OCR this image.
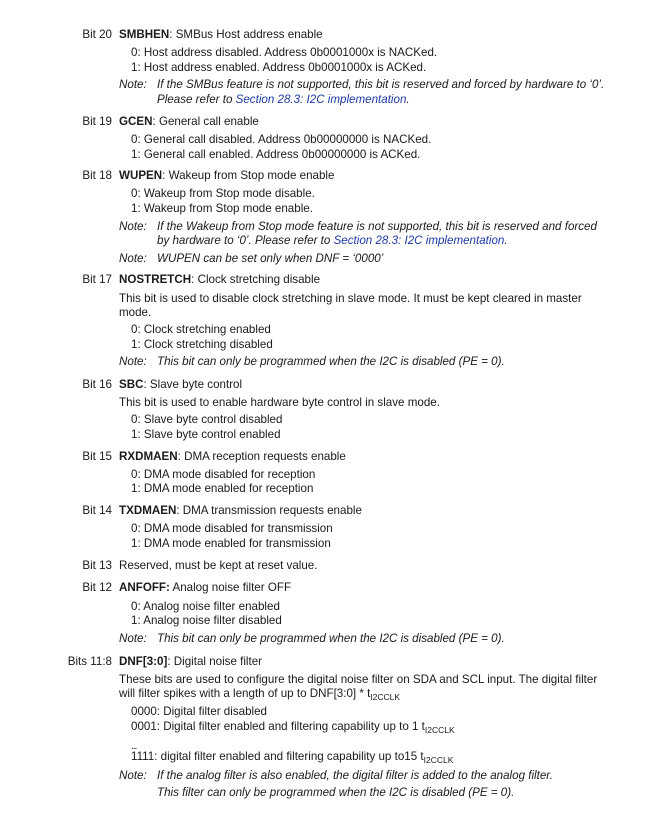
Bit 20 SMBHEN: SMBus Host address enable
0: Host address disabled. Address 0b0001000x is NACKed.
1: Host address enabled. Address 0b0001000x is ACKed.
Note: If the SMBus feature is not supported, this bit is reserved and forced by hardware to ‘0’.
Please refer to Section 28.3: I2C implementation.
Bit 19 GCEN: General call enable
0: General call disabled. Address 0b00000000 is NACKed.
1: General call enabled. Address 0b00000000 is ACKed.
Bit 18 WUPEN: Wakeup from Stop mode enable
0: Wakeup from Stop mode disable.
1: Wakeup from Stop mode enable.
Note: If the Wakeup from Stop mode feature is not supported, this bit is reserved and forced
by hardware to ‘0’. Please refer to Section 28.3: I2C implementation.
Note: WUPEN can be set only when DNF = ‘0000’
Bit 17 NOSTRETCH: Clock stretching disable
This bit is used to disable clock stretching in slave mode. It must be kept cleared in master
mode.
0: Clock stretching enabled
1: Clock stretching disabled
Note: This bit can only be programmed when the I2C is disabled (PE = 0).
Bit 16 SBC: Slave byte control
This bit is used to enable hardware byte control in slave mode.
0: Slave byte control disabled
1: Slave byte control enabled
Bit 15 RXDMAEN: DMA reception requests enable
0: DMA mode disabled for reception
1: DMA mode enabled for reception
Bit 14 TXDMAEN: DMA transmission requests enable
0: DMA mode disabled for transmission
1: DMA mode enabled for transmission
Bit 13 Reserved, must be kept at reset value.
Bit 12 ANFOFF: Analog noise filter OFF
0: Analog noise filter enabled
1: Analog noise filter disabled
Note: This bit can only be programmed when the I2C is disabled (PE = 0).
Bits 11:8 DNF[3:0]: Digital noise filter
These bits are used to configure the digital noise filter on SDA and SCL input. The digital filter
will filter spikes with a length of up to DNF[3:0] * $t_{I2CCLK}$
0000: Digital filter disabled
0001: Digital filter enabled and filtering capability up to 1 $t_{I2CCLK}$
...
1111: digital filter enabled and filtering capability up to15 $t_{I2CCLK}$
Note: If the analog filter is also enabled, the digital filter is added to the analog filter.
This filter can only be programmed when the I2C is disabled (PE = 0).
